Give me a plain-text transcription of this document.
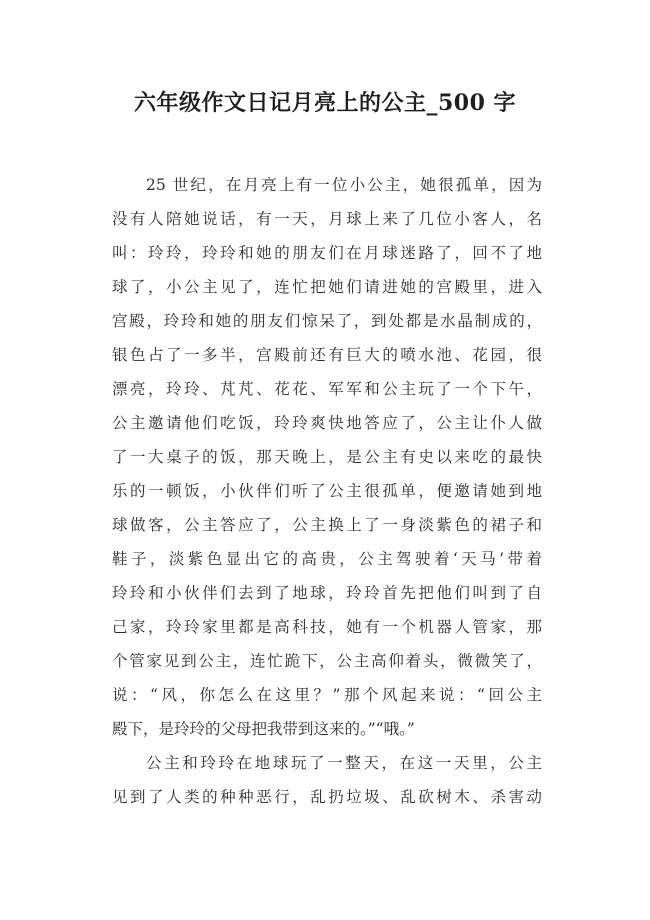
六年级作文日记月亮上的公主_500 字
25 世纪，在月亮上有一位小公主，她很孤单，因为
没有人陪她说话，有一天，月球上来了几位小客人，名
叫：玲玲，玲玲和她的朋友们在月球迷路了，回不了地
球了，小公主见了，连忙把她们请进她的宫殿里，进入
宫殿，玲玲和她的朋友们惊呆了，到处都是水晶制成的，
银色占了一多半，宫殿前还有巨大的喷水池、花园，很
漂亮，玲玲、芃芃、花花、军军和公主玩了一个下午，
公主邀请他们吃饭，玲玲爽快地答应了，公主让仆人做
了一大桌子的饭，那天晚上，是公主有史以来吃的最快
乐的一顿饭，小伙伴们听了公主很孤单，便邀请她到地
球做客，公主答应了，公主换上了一身淡紫色的裙子和
鞋子，淡紫色显出它的高贵，公主驾驶着‘天马’带着
玲玲和小伙伴们去到了地球，玲玲首先把他们叫到了自
己家，玲玲家里都是高科技，她有一个机器人管家，那
个管家见到公主，连忙跪下，公主高仰着头，微微笑了，
说：“风，你怎么在这里？”那个风起来说：“回公主
殿下，是玲玲的父母把我带到这来的。”“哦。”
公主和玲玲在地球玩了一整天，在这一天里，公主
见到了人类的种种恶行，乱扔垃圾、乱砍树木、杀害动
